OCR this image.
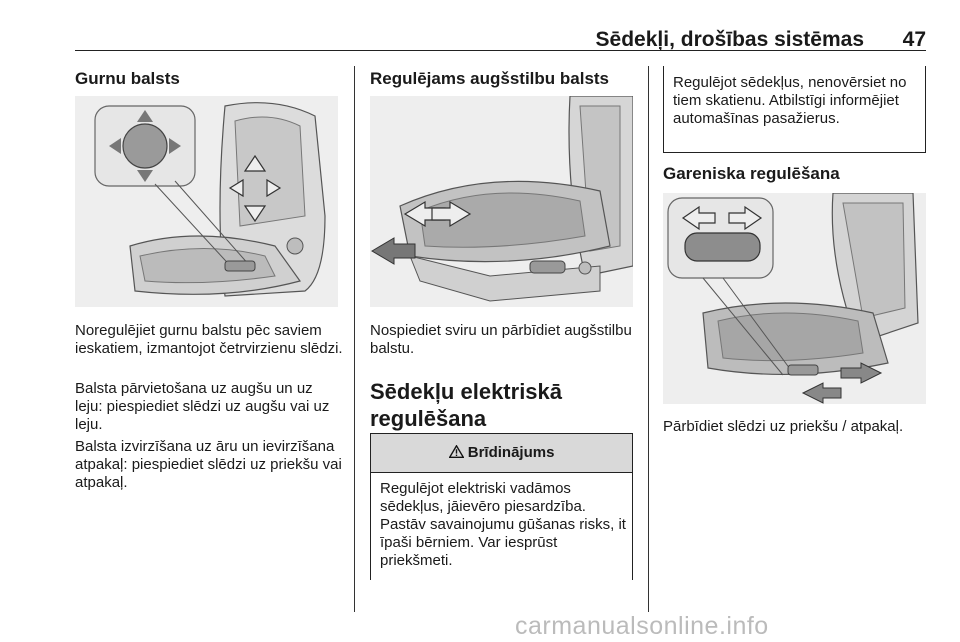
Sēdekļi, drošības sistēmas 47
Gurnu balsts

Noregulējiet gurnu balstu pēc saviem ieskatiem, izmantojot četrvirzienu slēdzi.

Balsta pārvietošana uz augšu un uz leju: piespiediet slēdzi uz augšu vai uz leju.

Balsta izvirzīšana uz āru un ievirzīšana atpakaļ: piespiediet slēdzi uz priekšu vai atpakaļ.

Regulējams augšstilbu balsts

Nospiediet sviru un pārbīdiet augšstilbu balstu.

Sēdekļu elektriskā regulēšana
Brīdinājums
Regulējot elektriski vadāmos sēdekļus, jāievēro piesardzība. Pastāv savainojumu gūšanas risks, it īpaši bērniem. Var iesprūst priekšmeti.
Regulējot sēdekļus, nenovērsiet no tiem skatienu. Atbilstīgi informējiet automašīnas pasažierus.
Gareniska regulēšana

Pārbīdiet slēdzi uz priekšu / atpakaļ.

carmanualsonline.info
